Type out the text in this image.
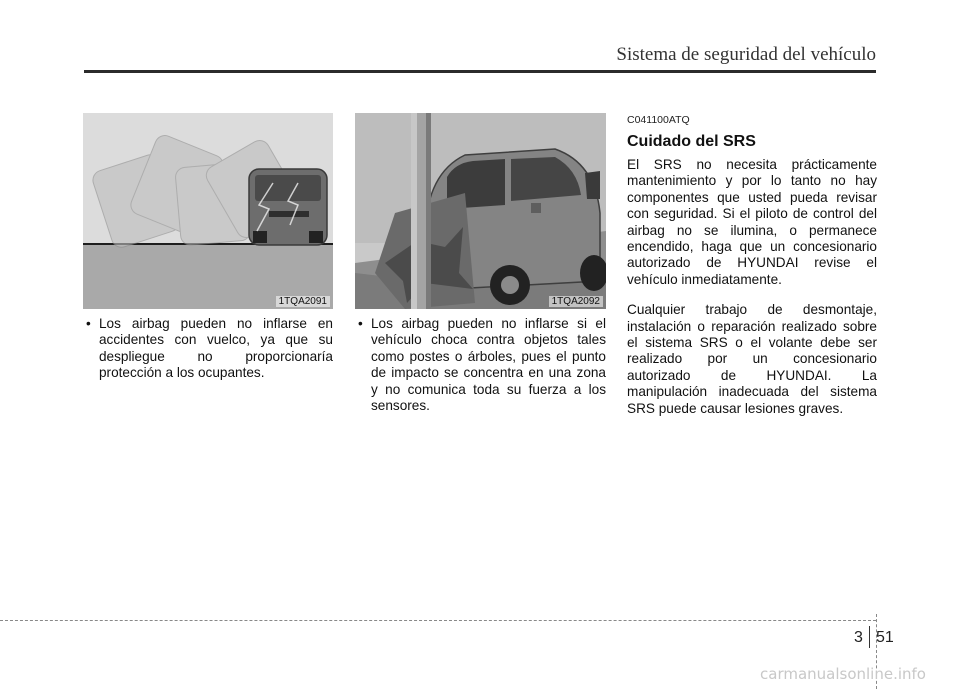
Sistema de seguridad del vehículo
1TQA2091	1TQA2092
• Los airbag pueden no inflarse en accidentes con vuelco, ya que su despliegue no proporcionaría protección a los ocupantes.
• Los airbag pueden no inflarse si el vehículo choca contra objetos tales como postes o árboles, pues el punto de impacto se concentra en una zona y no comunica toda su fuerza a los sensores.
C041100ATQ
Cuidado del SRS

El SRS no necesita prácticamente mantenimiento y por lo tanto no hay componentes que usted pueda revisar con seguridad. Si el piloto de control del airbag no se ilumina, o permanece encendido, haga que un concesionario autorizado de HYUNDAI revise el vehículo inmediatamente.

Cualquier trabajo de desmontaje, instalación o reparación realizado sobre el sistema SRS o el volante debe ser realizado por un concesionario autorizado de HYUNDAI. La manipulación inadecuada del sistema SRS puede causar lesiones graves.

3 51
carmanualsonline.info
